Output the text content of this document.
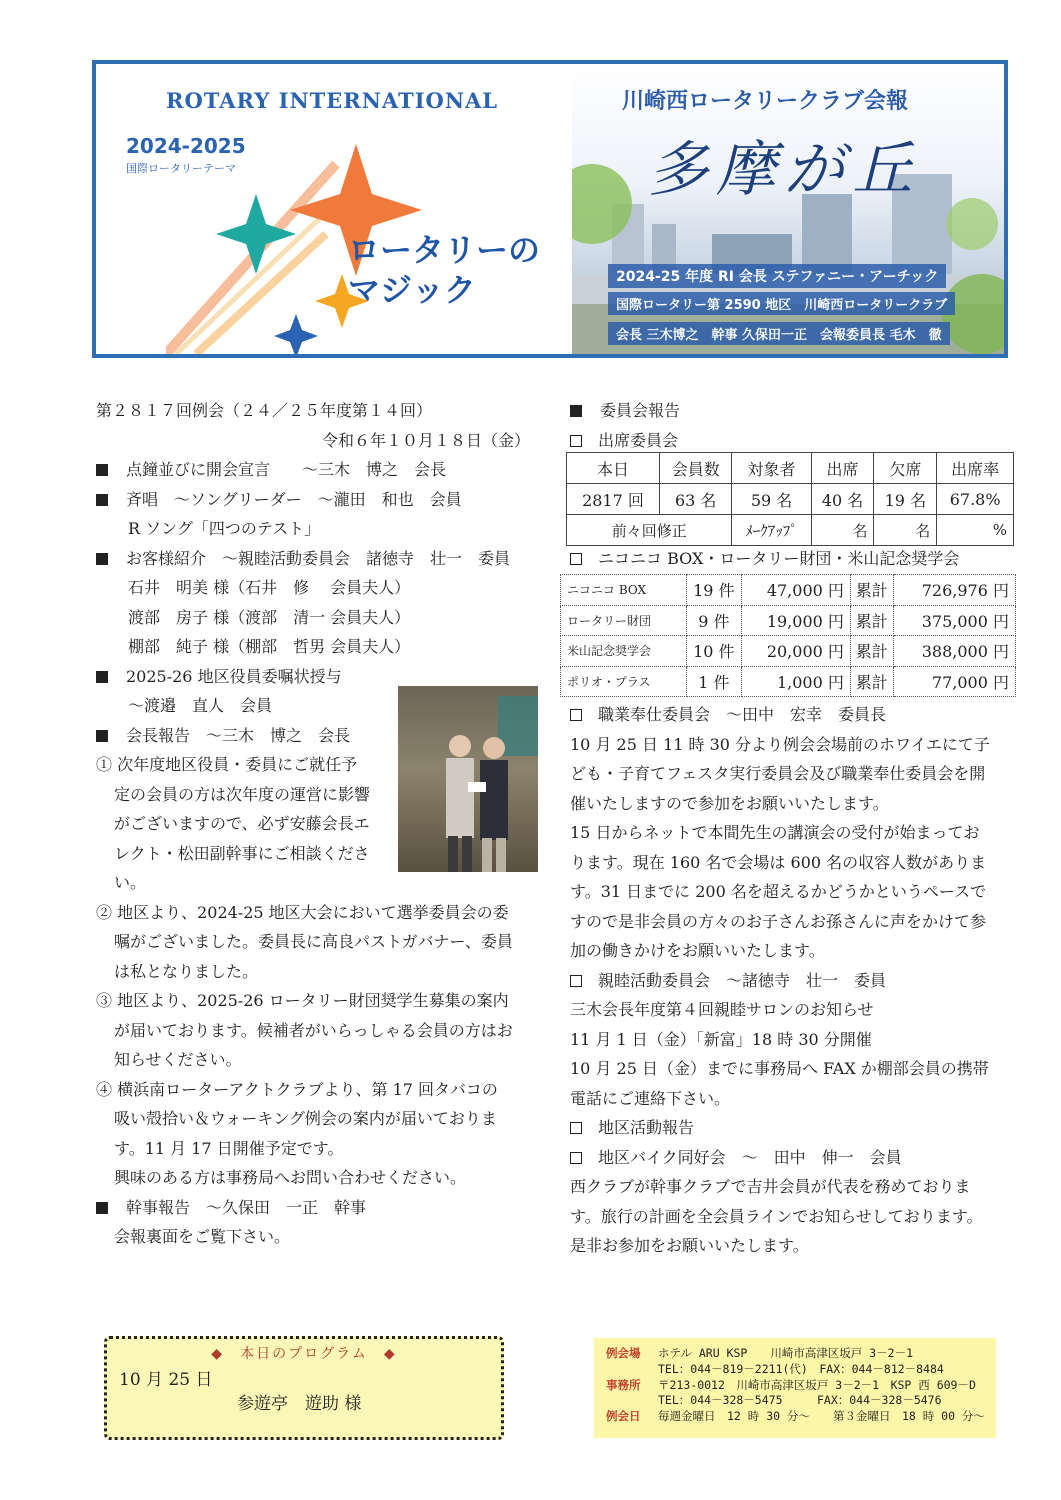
ROTARY INTERNATIONAL
2024-2025
国際ロータリーテーマ
ロータリーの
マジック
川崎西ロータリークラブ会報
多摩が丘
2024-25 年度 RI 会長 ステファニー・アーチック
国際ロータリー第 2590 地区　川崎西ロータリークラブ
会長 三木博之　幹事 久保田一正　会報委員長 毛木　徹
第２８１７回例会（２４／２５年度第１４回）
令和６年１０月１８日（金）
点鐘並びに開会宣言　　～三木　博之　会長
斉唱　～ソングリーダー　～瀧田　和也　会員
R ソング「四つのテスト」
お客様紹介　～親睦活動委員会　諸徳寺　壮一　委員
石井　明美 様（石井　修　 会員夫人）
渡部　房子 様（渡部　清一 会員夫人）
棚部　純子 様（棚部　哲男 会員夫人）
2025-26 地区役員委嘱状授与
～渡邉　直人　会員
会長報告　～三木　博之　会長
① 次年度地区役員・委員にご就任予
定の会員の方は次年度の運営に影響
がございますので、必ず安藤会長エ
レクト・松田副幹事にご相談くださ
い。
② 地区より、2024-25 地区大会において選挙委員会の委
嘱がございました。委員長に高良パストガバナー、委員
は私となりました。
③ 地区より、2025-26 ロータリー財団奨学生募集の案内
が届いております。候補者がいらっしゃる会員の方はお
知らせください。
④ 横浜南ローターアクトクラブより、第 17 回タバコの
吸い殻拾い＆ウォーキング例会の案内が届いておりま
す。11 月 17 日開催予定です。
興味のある方は事務局へお問い合わせください。
幹事報告　～久保田　一正　幹事
会報裏面をご覧下さい。
委員会報告
出席委員会
本日	会員数	対象者	出席	欠席	出席率
2817 回	63 名	59 名	40 名	19 名	67.8%
前々回修正		ﾒｰｸｱｯﾌﾟ	名	名	%
ニコニコ BOX・ロータリー財団・米山記念奨学会
ニコニコ BOX	19 件	47,000 円	累計	726,976 円
ロータリー財団	9 件	19,000 円	累計	375,000 円
米山記念奨学会	10 件	20,000 円	累計	388,000 円
ポリオ・プラス	1 件	1,000 円	累計	77,000 円
職業奉仕委員会　～田中　宏幸　委員長
10 月 25 日 11 時 30 分より例会会場前のホワイエにて子
ども・子育てフェスタ実行委員会及び職業奉仕委員会を開
催いたしますので参加をお願いいたします。
15 日からネットで本間先生の講演会の受付が始まってお
ります。現在 160 名で会場は 600 名の収容人数がありま
す。31 日までに 200 名を超えるかどうかというペースで
すので是非会員の方々のお子さんお孫さんに声をかけて参
加の働きかけをお願いいたします。
親睦活動委員会　～諸徳寺　壮一　委員
三木会長年度第４回親睦サロンのお知らせ
11 月 1 日（金）「新富」18 時 30 分開催
10 月 25 日（金）までに事務局へ FAX か棚部会員の携帯
電話にご連絡下さい。
地区活動報告
地区バイク同好会　～　田中　伸一　会員
西クラブが幹事クラブで吉井会員が代表を務めておりま
す。旅行の計画を全会員ラインでお知らせしております。
是非お参加をお願いいたします。
◆　本日のプログラム　◆
10 月 25 日
参遊亭　遊助 様
例会場 ホテル ARU KSP　　川崎市高津区坂戸 3－2－1
TEL：044－819－2211(代)　FAX：044－812－8484
事務所 〒213-0012　川崎市高津区坂戸 3－2－1　KSP 西 609－D
TEL：044－328－5475　　　FAX：044－328－5476
例会日 毎週金曜日　12 時 30 分～　　第３金曜日　18 時 00 分～
